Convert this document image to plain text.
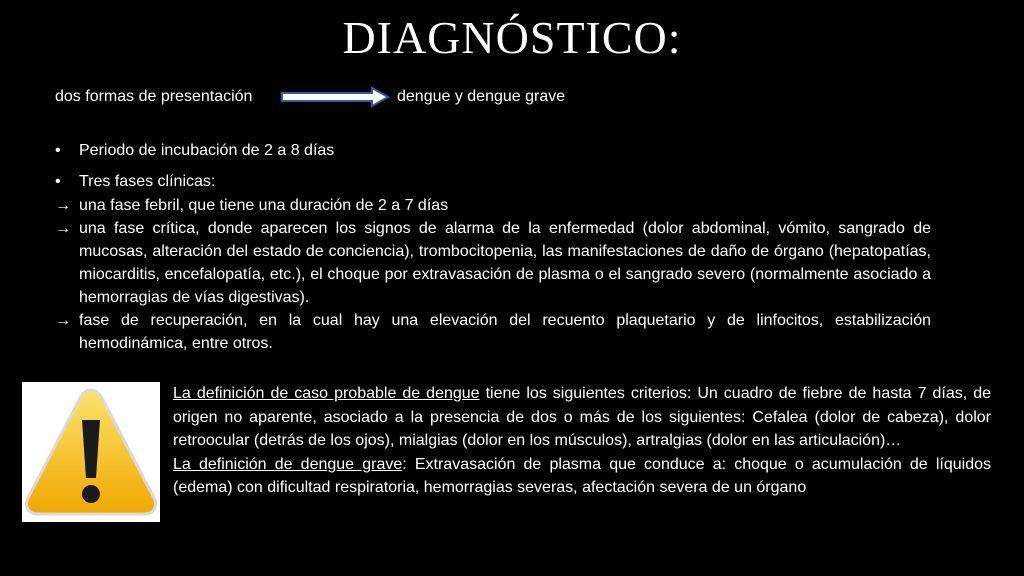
DIAGNÓSTICO:
dos formas de presentación	dengue y dengue grave
• Periodo de incubación de 2 a 8 días
• Tres fases clínicas:
→ una fase febril, que tiene una duración de 2 a 7 días
→ una fase crítica, donde aparecen los signos de alarma de la enfermedad (dolor abdominal, vómito, sangrado de mucosas, alteración del estado de conciencia), trombocitopenia, las manifestaciones de daño de órgano (hepatopatías, miocarditis, encefalopatía, etc.), el choque por extravasación de plasma o el sangrado severo (normalmente asociado a hemorragias de vías digestivas).
→ fase de recuperación, en la cual hay una elevación del recuento plaquetario y de linfocitos, estabilización hemodinámica, entre otros.
La definición de caso probable de dengue tiene los siguientes criterios: Un cuadro de fiebre de hasta 7 días, de origen no aparente, asociado a la presencia de dos o más de los siguientes: Cefalea (dolor de cabeza), dolor retroocular (detrás de los ojos), mialgias (dolor en los músculos), artralgias (dolor en las articulación)…
La definición de dengue grave: Extravasación de plasma que conduce a: choque o acumulación de líquidos (edema) con dificultad respiratoria, hemorragias severas, afectación severa de un órgano
